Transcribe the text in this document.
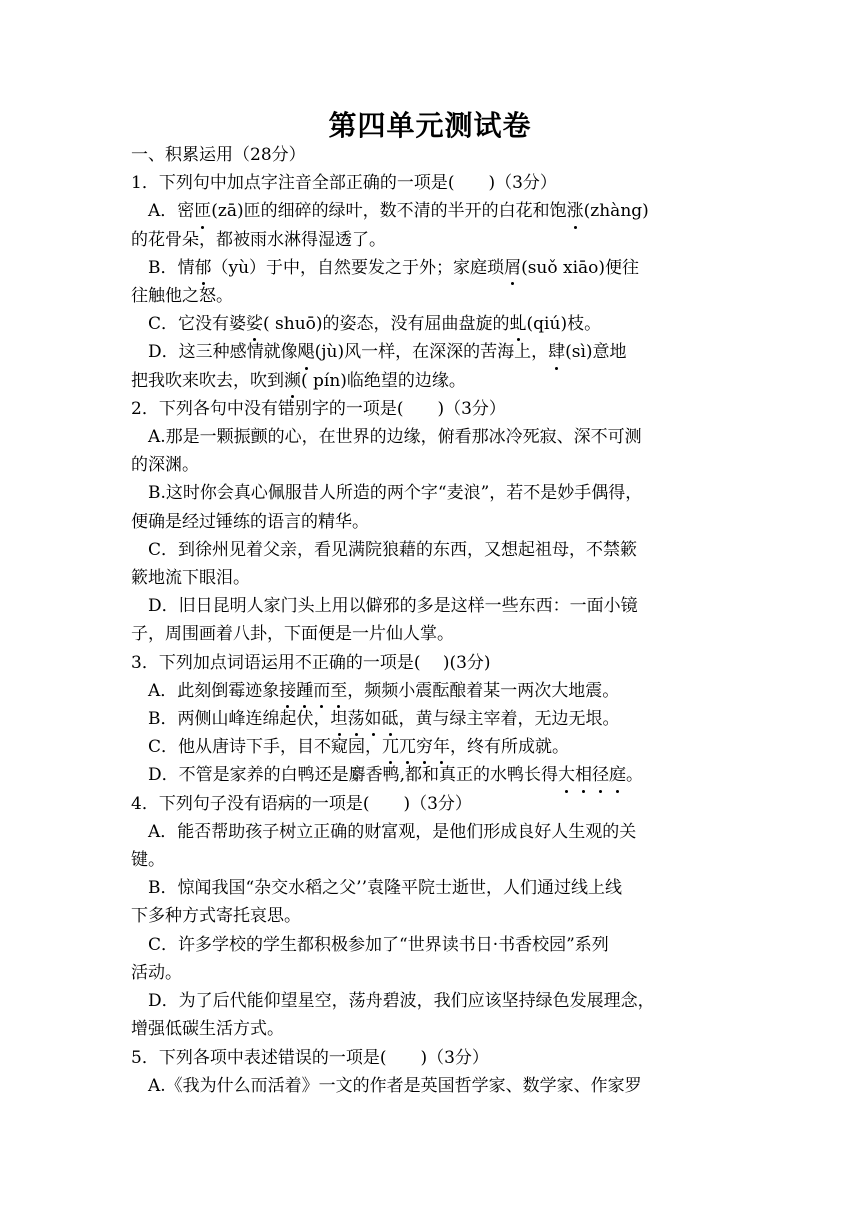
第四单元测试卷
一、积累运用（28分）
1．下列句中加点字注音全部正确的一项是(　　)（3分）
A．密匝(zā)匝的细碎的绿叶，数不清的半开的白花和饱涨(zhàng)
的花骨朵，都被雨水淋得湿透了。
B．情郁（yù）于中，自然要发之于外；家庭琐屑(suǒ xiāo)便往
往触他之怒。
C．它没有婆娑( shuō)的姿态，没有屈曲盘旋的虬(qiú)枝。
D．这三种感情就像飓(jù)风一样，在深深的苦海上，肆(sì)意地
把我吹来吹去，吹到濒( pín)临绝望的边缘。
2．下列各句中没有错别字的一项是(　　)（3分）
A.那是一颗振颤的心，在世界的边缘，俯看那冰冷死寂、深不可测
的深渊。
B.这时你会真心佩服昔人所造的两个字“麦浪”，若不是妙手偶得，
便确是经过锤练的语言的精华。
C．到徐州见着父亲，看见满院狼藉的东西，又想起祖母，不禁簌
簌地流下眼泪。
D．旧日昆明人家门头上用以僻邪的多是这样一些东西：一面小镜
子，周围画着八卦，下面便是一片仙人掌。
3．下列加点词语运用不正确的一项是(　 )(3分)
A．此刻倒霉迹象接踵而至，频频小震酝酿着某一两次大地震。
B．两侧山峰连绵起伏，坦荡如砥，黄与绿主宰着，无边无垠。
C．他从唐诗下手，目不窥园，兀兀穷年，终有所成就。
D．不管是家养的白鸭还是麝香鸭,都和真正的水鸭长得大相径庭。
4．下列句子没有语病的一项是(　　)（3分）
A．能否帮助孩子树立正确的财富观，是他们形成良好人生观的关
键。
B．惊闻我国“杂交水稻之父’’袁隆平院士逝世，人们通过线上线
下多种方式寄托哀思。
C．许多学校的学生都积极参加了“世界读书日·书香校园”系列
活动。
D．为了后代能仰望星空，荡舟碧波，我们应该坚持绿色发展理念，
增强低碳生活方式。
5．下列各项中表述错误的一项是(　　)（3分）
A.《我为什么而活着》一文的作者是英国哲学家、数学家、作家罗
